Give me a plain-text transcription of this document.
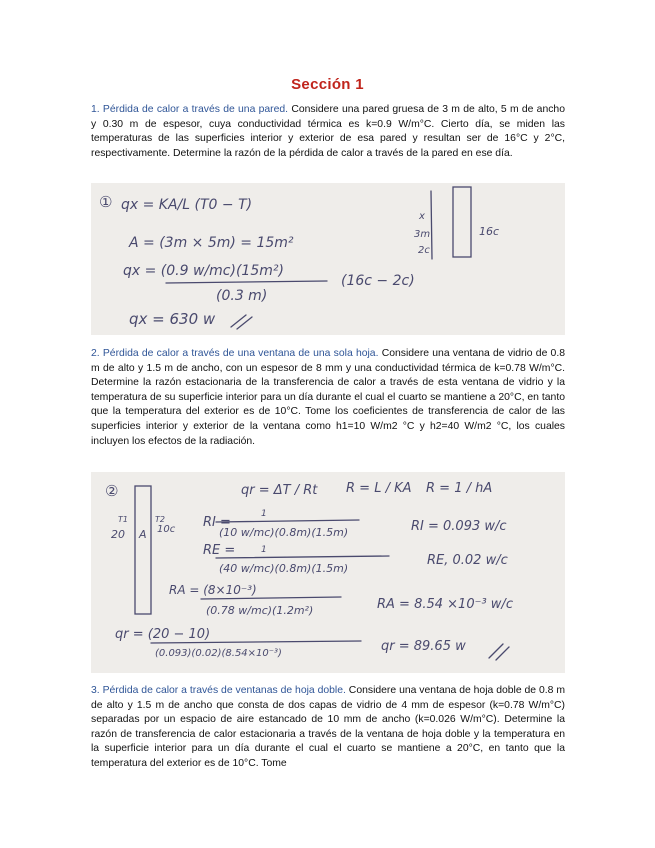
Sección 1
1. Pérdida de calor a través de una pared. Considere una pared gruesa de 3 m de alto, 5 m de ancho y 0.30 m de espesor, cuya conductividad térmica es k=0.9 W/m°C. Cierto día, se miden las temperaturas de las superficies interior y exterior de esa pared y resultan ser de 16°C y 2°C, respectivamente. Determine la razón de la pérdida de calor a través de la pared en ese día.
① qx = KA/L (T0 − T)
A = (3m × 5m) = 15m²
qx = (0.9 w/mc)(15m²)
(0.3 m)
(16c − 2c)
qx = 630 w
x
3m
2c
16c
2. Pérdida de calor a través de una ventana de una sola hoja. Considere una ventana de vidrio de 0.8 m de alto y 1.5 m de ancho, con un espesor de 8 mm y una conductividad térmica de k=0.78 W/m°C. Determine la razón estacionaria de la transferencia de calor a través de esta ventana de vidrio y la temperatura de su superficie interior para un día durante el cual el cuarto se mantiene a 20°C, en tanto que la temperatura del exterior es de 10°C. Tome los coeficientes de transferencia de calor de las superficies interior y exterior de la ventana como h1=10 W/m2 °C y h2=40 W/m2 °C, los cuales incluyen los efectos de la radiación.
②	qr = ΔT / Rt R = L / KA R = 1 / hA
T1	T2
20 A 10c RI =
1
(10 w/mc)(0.8m)(1.5m)	RI = 0.093 w/c
RE =	1
(40 w/mc)(0.8m)(1.5m)
RE, 0.02 w/c
RA = (8×10⁻³)
(0.78 w/mc)(1.2m²)	RA = 8.54 ×10⁻³ w/c
qr = (20 − 10)
(0.093)(0.02)(8.54×10⁻³)	qr = 89.65 w
3. Pérdida de calor a través de ventanas de hoja doble. Considere una ventana de hoja doble de 0.8 m de alto y 1.5 m de ancho que consta de dos capas de vidrio de 4 mm de espesor (k=0.78 W/m°C) separadas por un espacio de aire estancado de 10 mm de ancho (k=0.026 W/m°C). Determine la razón de transferencia de calor estacionaria a través de la ventana de hoja doble y la temperatura en la superficie interior para un día durante el cual el cuarto se mantiene a 20°C, en tanto que la temperatura del exterior es de 10°C. Tome
